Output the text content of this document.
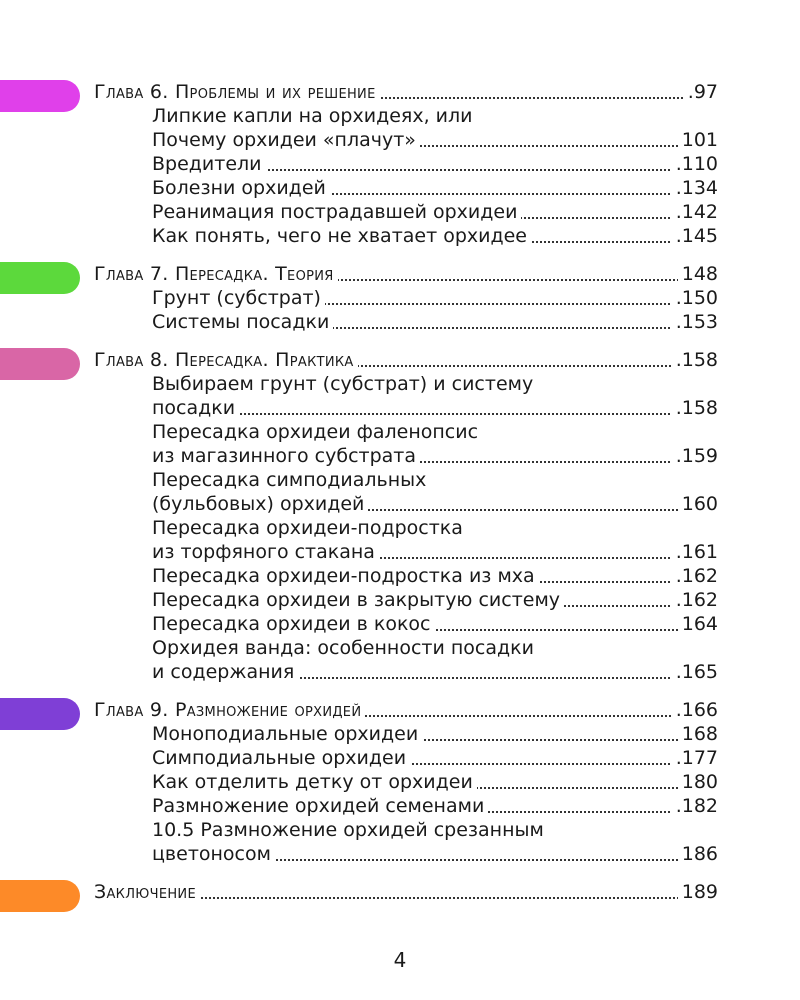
Глава 6. Проблемы и их решение	.97
Липкие капли на орхидеях, или
Почему орхидеи «плачут»	101
Вредители	.110
Болезни орхидей	.134
Реанимация пострадавшей орхидеи	.142
Как понять, чего не хватает орхидее	.145
Глава 7. Пересадка. Теория	148
Грунт (субстрат)	.150
Системы посадки	.153
Глава 8. Пересадка. Практика	.158
Выбираем грунт (субстрат) и систему
посадки	.158
Пересадка орхидеи фаленопсис
из магазинного субстрата	.159
Пересадка симподиальных
(бульбовых) орхидей	160
Пересадка орхидеи-подростка
из торфяного стакана	.161
Пересадка орхидеи-подростка из мха	.162
Пересадка орхидеи в закрытую систему	.162
Пересадка орхидеи в кокос	164
Орхидея ванда: особенности посадки
и содержания	.165
Глава 9. Размножение орхидей	.166
Моноподиальные орхидеи	168
Симподиальные орхидеи	.177
Как отделить детку от орхидеи	180
Размножение орхидей семенами	.182
10.5 Размножение орхидей срезанным
цветоносом	186
Заключение	189
4
